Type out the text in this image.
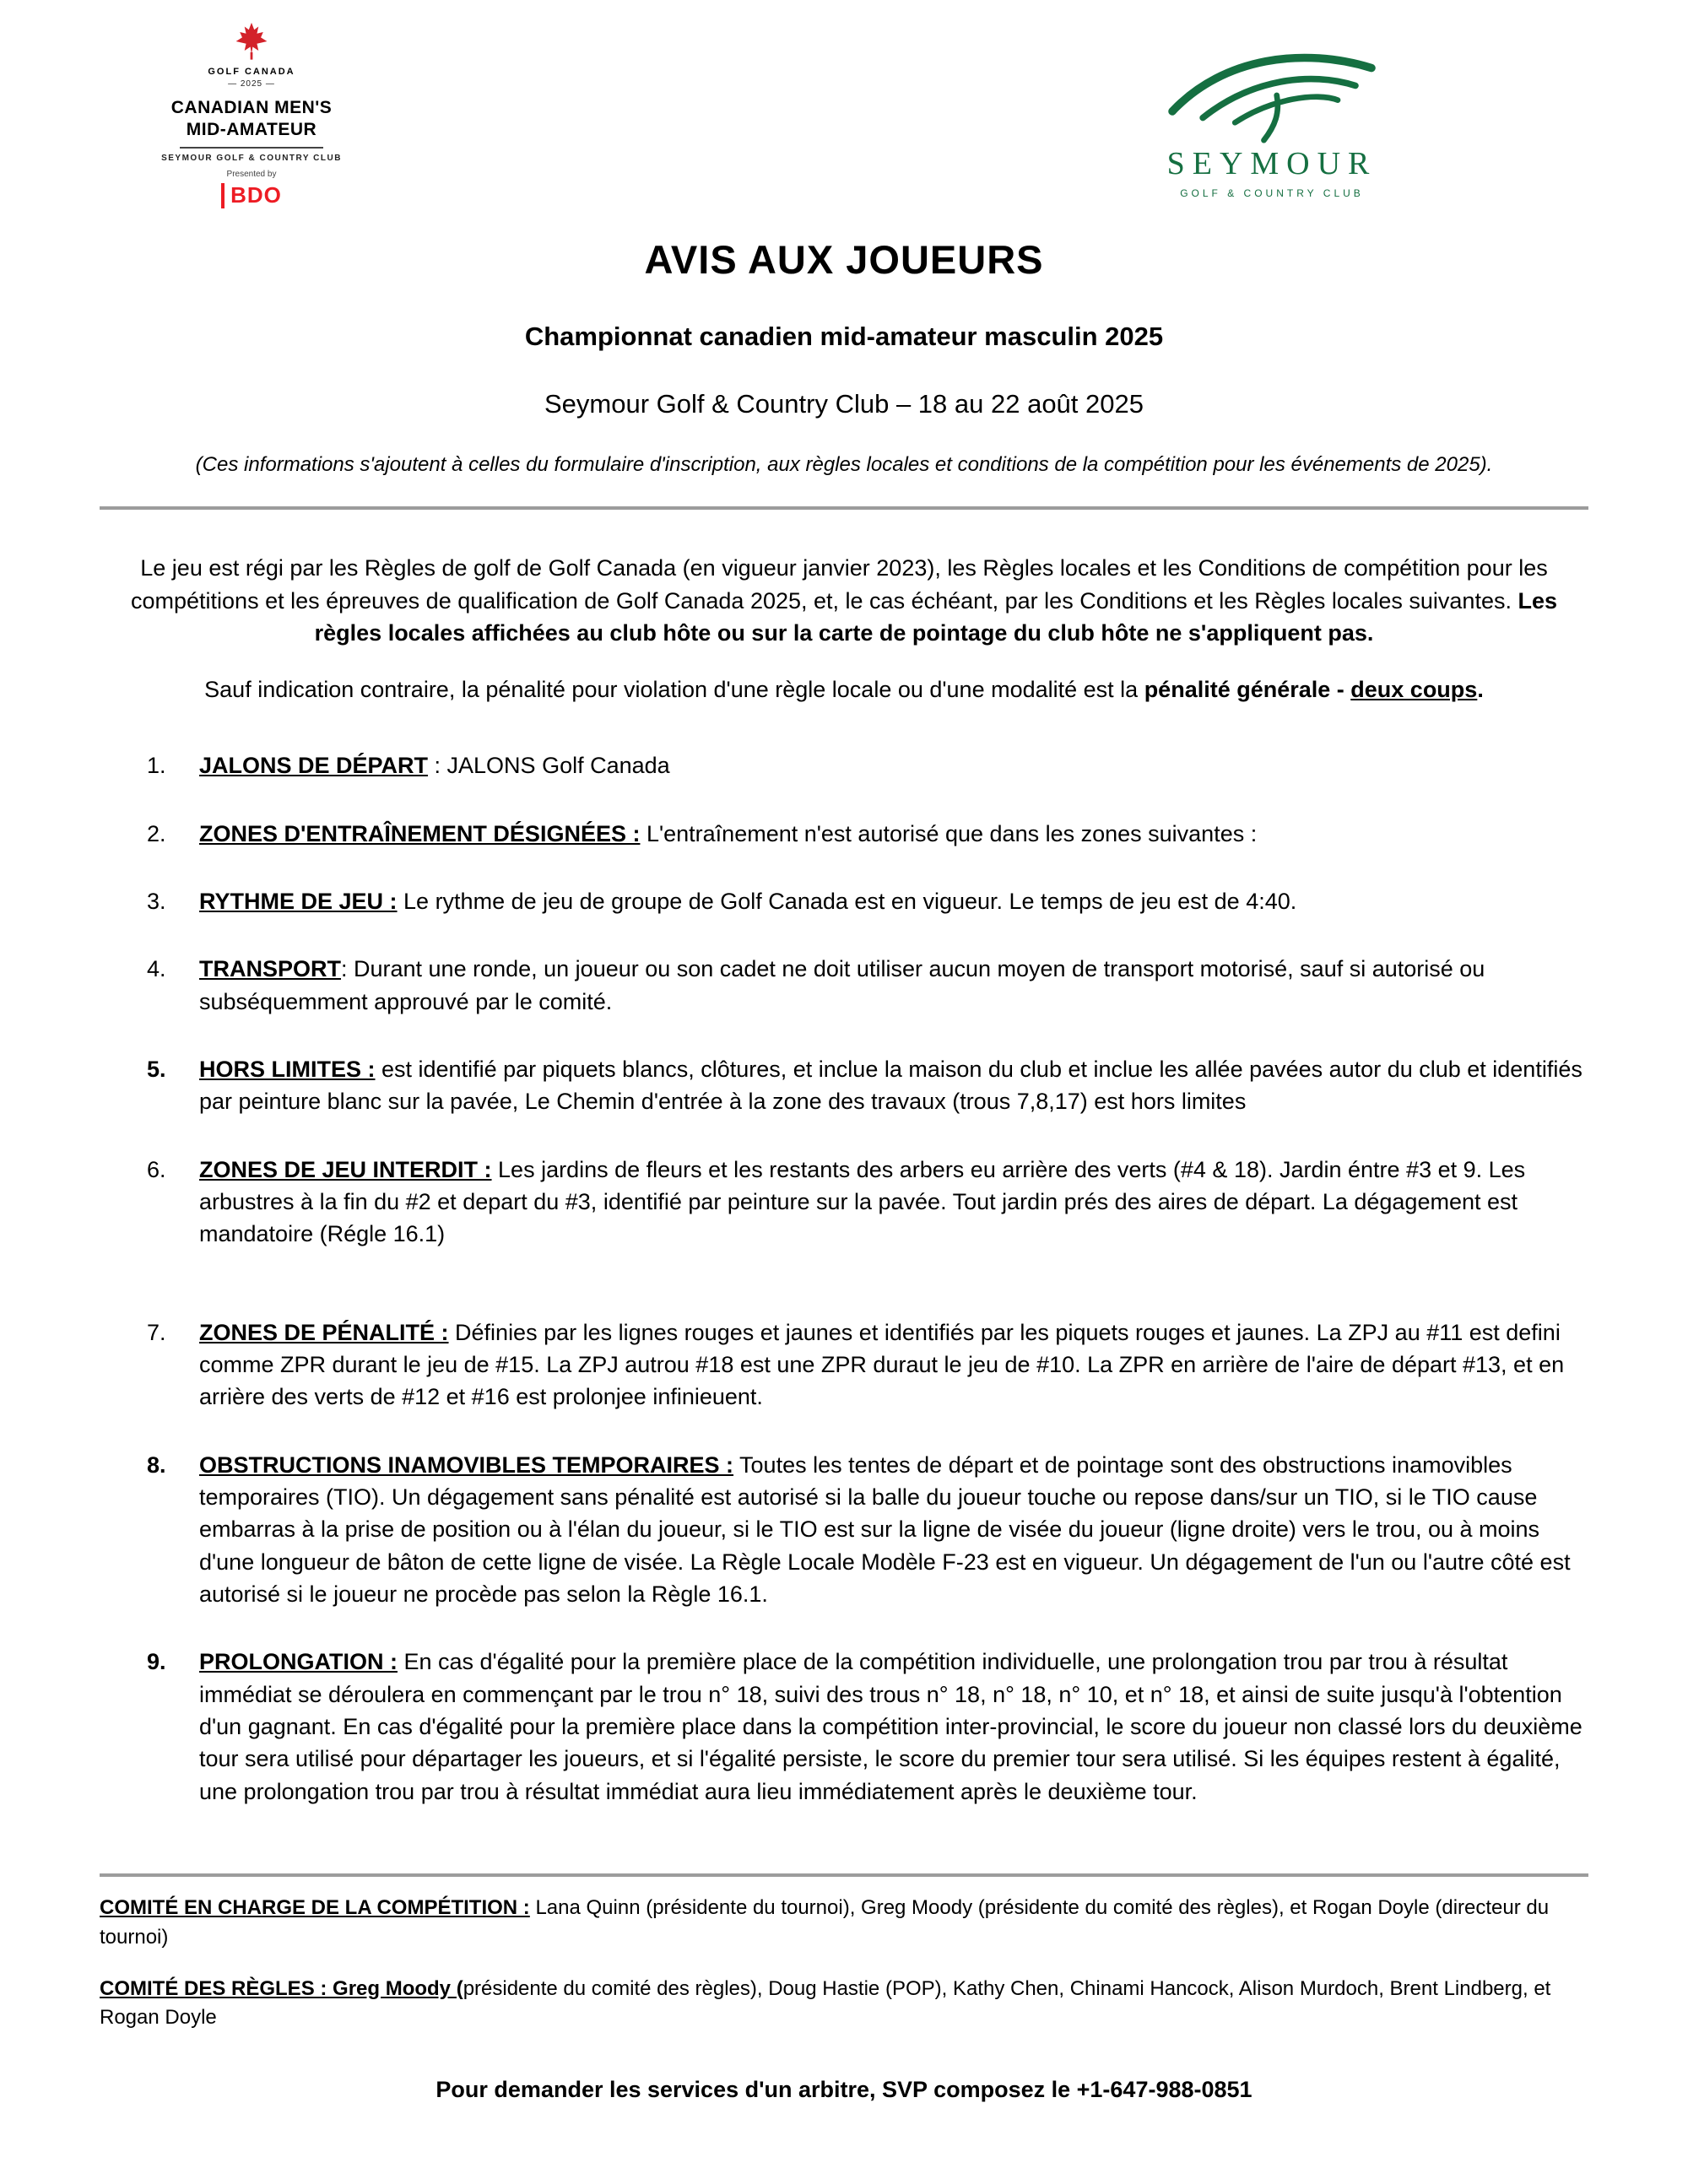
GOLF CANADA
— 2025 —
CANADIAN MEN'S
MID-AMATEUR
SEYMOUR GOLF & COUNTRY CLUB
Presented by
BDO
SEYMOUR
GOLF & COUNTRY CLUB
AVIS AUX JOUEURS
Championnat canadien mid-amateur masculin 2025
Seymour Golf & Country Club – 18 au 22 août 2025

(Ces informations s'ajoutent à celles du formulaire d'inscription, aux règles locales et conditions de la compétition pour les événements de 2025).

Le jeu est régi par les Règles de golf de Golf Canada (en vigueur janvier 2023), les Règles locales et les Conditions de compétition pour les compétitions et les épreuves de qualification de Golf Canada 2025, et, le cas échéant, par les Conditions et les Règles locales suivantes. Les règles locales affichées au club hôte ou sur la carte de pointage du club hôte ne s'appliquent pas.

Sauf indication contraire, la pénalité pour violation d'une règle locale ou d'une modalité est la pénalité générale - deux coups.

1.	JALONS DE DÉPART : JALONS Golf Canada
2.	ZONES D'ENTRAÎNEMENT DÉSIGNÉES : L'entraînement n'est autorisé que dans les zones suivantes :
3.	RYTHME DE JEU : Le rythme de jeu de groupe de Golf Canada est en vigueur. Le temps de jeu est de 4:40.
4.	TRANSPORT: Durant une ronde, un joueur ou son cadet ne doit utiliser aucun moyen de transport motorisé, sauf si autorisé ou subséquemment approuvé par le comité.
5.	HORS LIMITES : est identifié par piquets blancs, clôtures, et inclue la maison du club et inclue les allée pavées autor du club et identifiés par peinture blanc sur la pavée, Le Chemin d'entrée à la zone des travaux (trous 7,8,17) est hors limites
6.	ZONES DE JEU INTERDIT : Les jardins de fleurs et les restants des arbers eu arrière des verts (#4 & 18). Jardin éntre #3 et 9. Les arbustres à la fin du #2 et depart du #3, identifié par peinture sur la pavée. Tout jardin prés des aires de départ. La dégagement est mandatoire (Régle 16.1)
7.	ZONES DE PÉNALITÉ : Définies par les lignes rouges et jaunes et identifiés par les piquets rouges et jaunes. La ZPJ au #11 est defini comme ZPR durant le jeu de #15. La ZPJ autrou #18 est une ZPR duraut le jeu de #10. La ZPR en arrière de l'aire de départ #13, et en arrière des verts de #12 et #16 est prolonjee infinieuent.
8.	OBSTRUCTIONS INAMOVIBLES TEMPORAIRES : Toutes les tentes de départ et de pointage sont des obstructions inamovibles temporaires (TIO). Un dégagement sans pénalité est autorisé si la balle du joueur touche ou repose dans/sur un TIO, si le TIO cause embarras à la prise de position ou à l'élan du joueur, si le TIO est sur la ligne de visée du joueur (ligne droite) vers le trou, ou à moins d'une longueur de bâton de cette ligne de visée. La Règle Locale Modèle F-23 est en vigueur. Un dégagement de l'un ou l'autre côté est autorisé si le joueur ne procède pas selon la Règle 16.1.
9.	PROLONGATION : En cas d'égalité pour la première place de la compétition individuelle, une prolongation trou par trou à résultat immédiat se déroulera en commençant par le trou n° 18, suivi des trous n° 18, n° 18, n° 10, et n° 18, et ainsi de suite jusqu'à l'obtention d'un gagnant. En cas d'égalité pour la première place dans la compétition inter-provincial, le score du joueur non classé lors du deuxième tour sera utilisé pour départager les joueurs, et si l'égalité persiste, le score du premier tour sera utilisé. Si les équipes restent à égalité, une prolongation trou par trou à résultat immédiat aura lieu immédiatement après le deuxième tour.

COMITÉ EN CHARGE DE LA COMPÉTITION : Lana Quinn (présidente du tournoi), Greg Moody (présidente du comité des règles), et Rogan Doyle (directeur du tournoi)

COMITÉ DES RÈGLES : Greg Moody (présidente du comité des règles), Doug Hastie (POP), Kathy Chen, Chinami Hancock, Alison Murdoch, Brent Lindberg, et Rogan Doyle

Pour demander les services d'un arbitre, SVP composez le +1-647-988-0851
